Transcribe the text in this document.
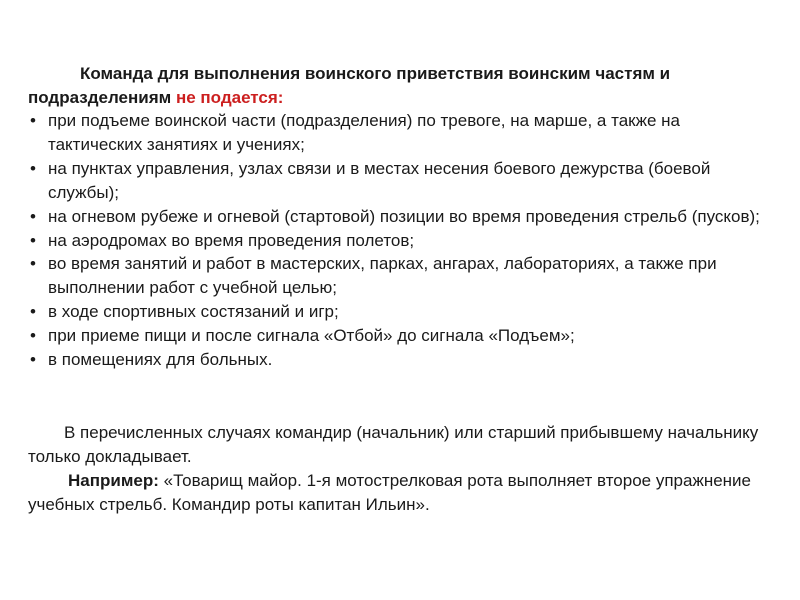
Команда для выполнения воинского приветствия воинским частям и подразделениям не подается:
• при подъеме воинской части (подразделения) по тревоге, на марше, а также на тактических занятиях и учениях;
• на пунктах управления, узлах связи и в местах несения боевого дежурства (боевой службы);
• на огневом рубеже и огневой (стартовой) позиции во время проведения стрельб (пусков);
• на аэродромах во время проведения полетов;
• во время занятий и работ в мастерских, парках, ангарах, лабораториях, а также при выполнении работ с учебной целью;
• в ходе спортивных состязаний и игр;
• при приеме пищи и после сигнала «Отбой» до сигнала «Подъем»;
• в помещениях для больных.

В перечисленных случаях командир (начальник) или старший прибывшему начальнику только докладывает.

Например: «Товарищ майор. 1-я мотострелковая рота выполняет второе упражнение учебных стрельб. Командир роты капитан Ильин».
